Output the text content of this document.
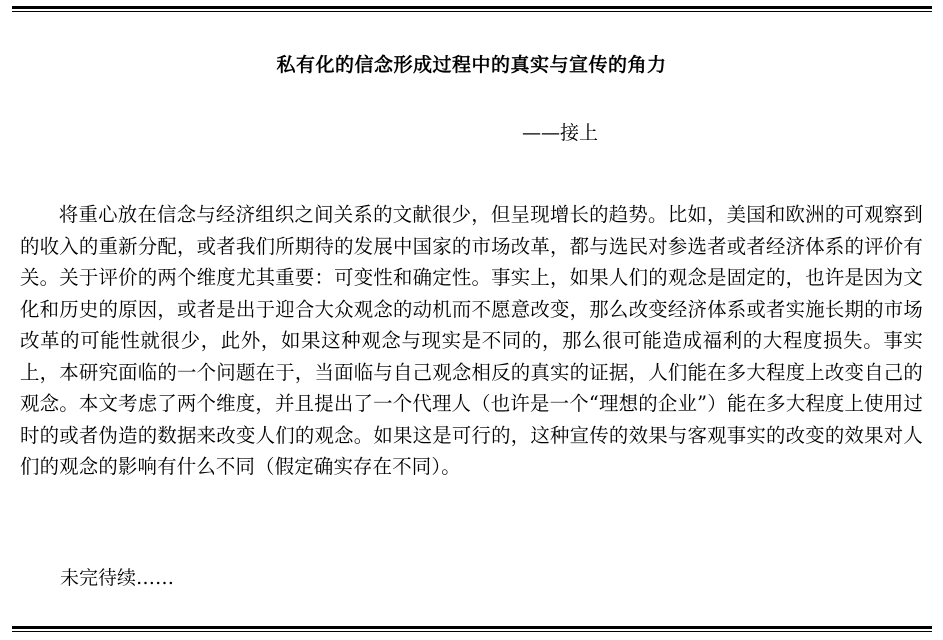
私有化的信念形成过程中的真实与宣传的角力
——接上

将重心放在信念与经济组织之间关系的文献很少，但呈现增长的趋势。比如，美国和欧洲的可观察到的收入的重新分配，或者我们所期待的发展中国家的市场改革，都与选民对参选者或者经济体系的评价有关。关于评价的两个维度尤其重要：可变性和确定性。事实上，如果人们的观念是固定的，也许是因为文化和历史的原因，或者是出于迎合大众观念的动机而不愿意改变，那么改变经济体系或者实施长期的市场改革的可能性就很少，此外，如果这种观念与现实是不同的，那么很可能造成福利的大程度损失。事实上，本研究面临的一个问题在于，当面临与自己观念相反的真实的证据，人们能在多大程度上改变自己的观念。本文考虑了两个维度，并且提出了一个代理人（也许是一个“理想的企业”）能在多大程度上使用过时的或者伪造的数据来改变人们的观念。如果这是可行的，这种宣传的效果与客观事实的改变的效果对人们的观念的影响有什么不同（假定确实存在不同）。

未完待续……
